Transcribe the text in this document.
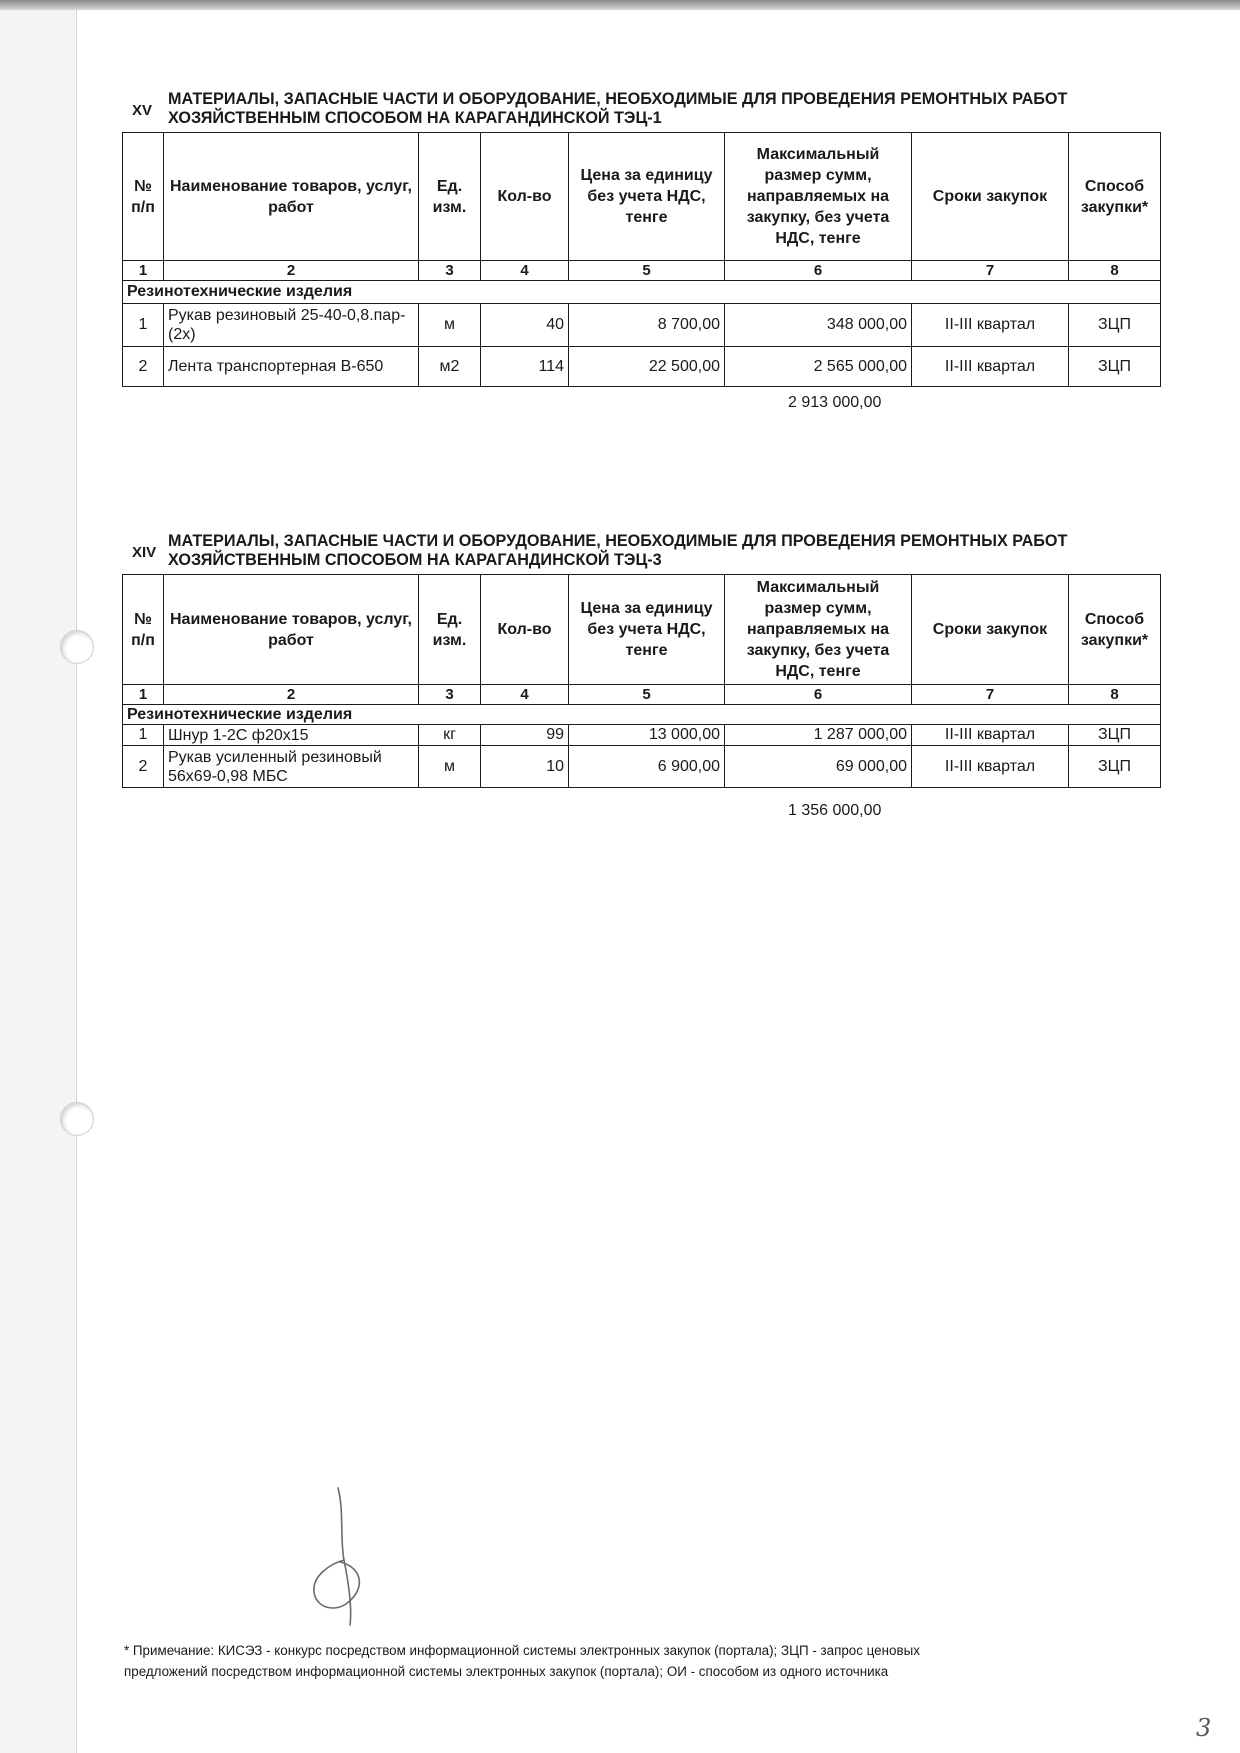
XV
МАТЕРИАЛЫ, ЗАПАСНЫЕ ЧАСТИ И ОБОРУДОВАНИЕ, НЕОБХОДИМЫЕ ДЛЯ ПРОВЕДЕНИЯ РЕМОНТНЫХ РАБОТ
ХОЗЯЙСТВЕННЫМ СПОСОБОМ НА КАРАГАНДИНСКОЙ ТЭЦ-1
№ п/п	Наименование товаров, услуг, работ	Ед. изм.	Кол-во	Цена за единицу без учета НДС, тенге	Максимальный размер сумм, направляемых на закупку, без учета НДС, тенге	Сроки закупок	Способ закупки*
1	2	3	4	5	6	7	8
Резинотехнические изделия							
1	Рукав резиновый 25-40-0,8.пар-(2х)	м	40	8 700,00	348 000,00	II-III квартал	ЗЦП
2	Лента транспортерная В-650	м2	114	22 500,00	2 565 000,00	II-III квартал	ЗЦП
2 913 000,00
XIV
МАТЕРИАЛЫ, ЗАПАСНЫЕ ЧАСТИ И ОБОРУДОВАНИЕ, НЕОБХОДИМЫЕ ДЛЯ ПРОВЕДЕНИЯ РЕМОНТНЫХ РАБОТ
ХОЗЯЙСТВЕННЫМ СПОСОБОМ НА КАРАГАНДИНСКОЙ ТЭЦ-3
№ п/п	Наименование товаров, услуг, работ	Ед. изм.	Кол-во	Цена за единицу без учета НДС, тенге	Максимальный размер сумм, направляемых на закупку, без учета НДС, тенге	Сроки закупок	Способ закупки*
1	2	3	4	5	6	7	8
Резинотехнические изделия							
1	Шнур 1-2С ф20х15	кг	99	13 000,00	1 287 000,00	II-III квартал	ЗЦП
2	Рукав усиленный резиновый 56х69-0,98 МБС	м	10	6 900,00	69 000,00	II-III квартал	ЗЦП
1 356 000,00
* Примечание: КИСЭЗ - конкурс посредством информационной системы электронных закупок (портала); ЗЦП - запрос ценовых
предложений посредством информационной системы электронных закупок (портала); ОИ - способом из одного источника
3
